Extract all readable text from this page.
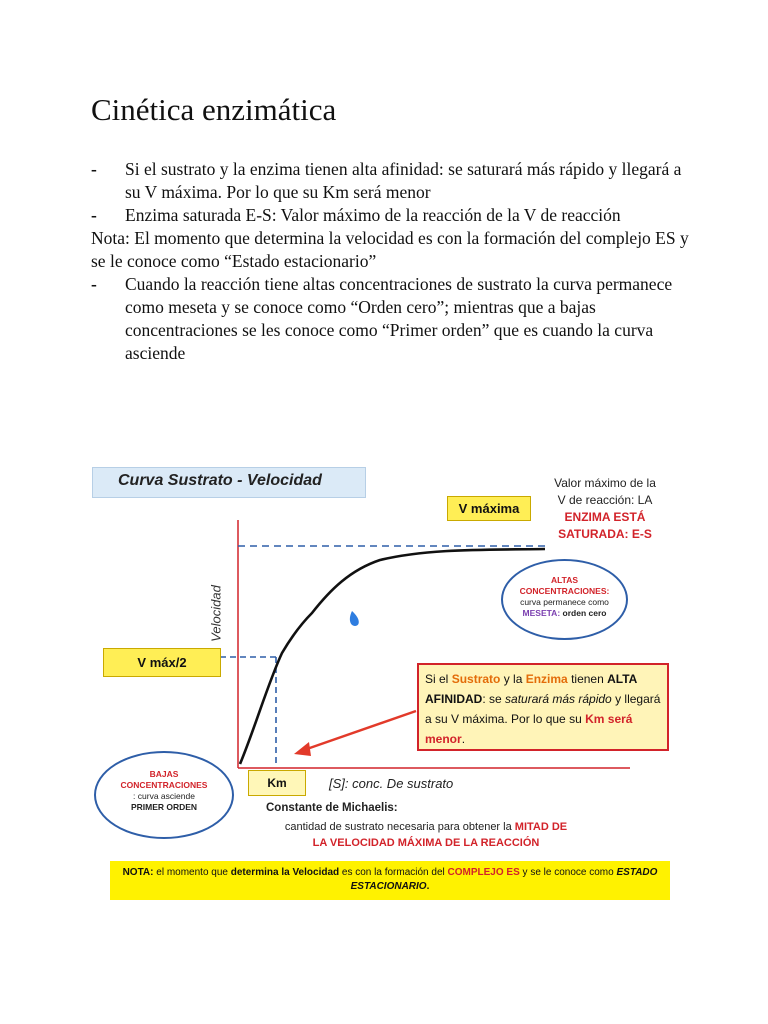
Cinética enzimática
- Si el sustrato y la enzima tienen alta afinidad: se saturará más rápido y llegará a su V máxima. Por lo que su Km será menor
- Enzima saturada E-S: Valor máximo de la reacción de la V de reacción
Nota: El momento que determina la velocidad es con la formación del complejo ES y se le conoce como “Estado estacionario”
- Cuando la reacción tiene altas concentraciones de sustrato la curva permanece como meseta y se conoce como “Orden cero”; mientras que a bajas concentraciones se les conoce como “Primer orden” que es cuando la curva asciende
Curva Sustrato - Velocidad
V máxima
Valor máximo de la
V de reacción: LA
ENZIMA ESTÁ
SATURADA: E-S
Velocidad
V máx/2
Km	[S]: conc. De sustrato
ALTAS
CONCENTRACIONES:
curva permanece como
MESETA: orden cero
BAJAS
CONCENTRACIONES
: curva asciende
PRIMER ORDEN
Si el Sustrato y la Enzima tienen ALTA AFINIDAD: se saturará más rápido y llegará a su V máxima. Por lo que su Km será menor.
Constante de Michaelis:
cantidad de sustrato necesaria para obtener la MITAD DE
LA VELOCIDAD MÁXIMA DE LA REACCIÓN
NOTA: el momento que determina la Velocidad es con la formación del COMPLEJO ES y se le conoce como ESTADO ESTACIONARIO.
